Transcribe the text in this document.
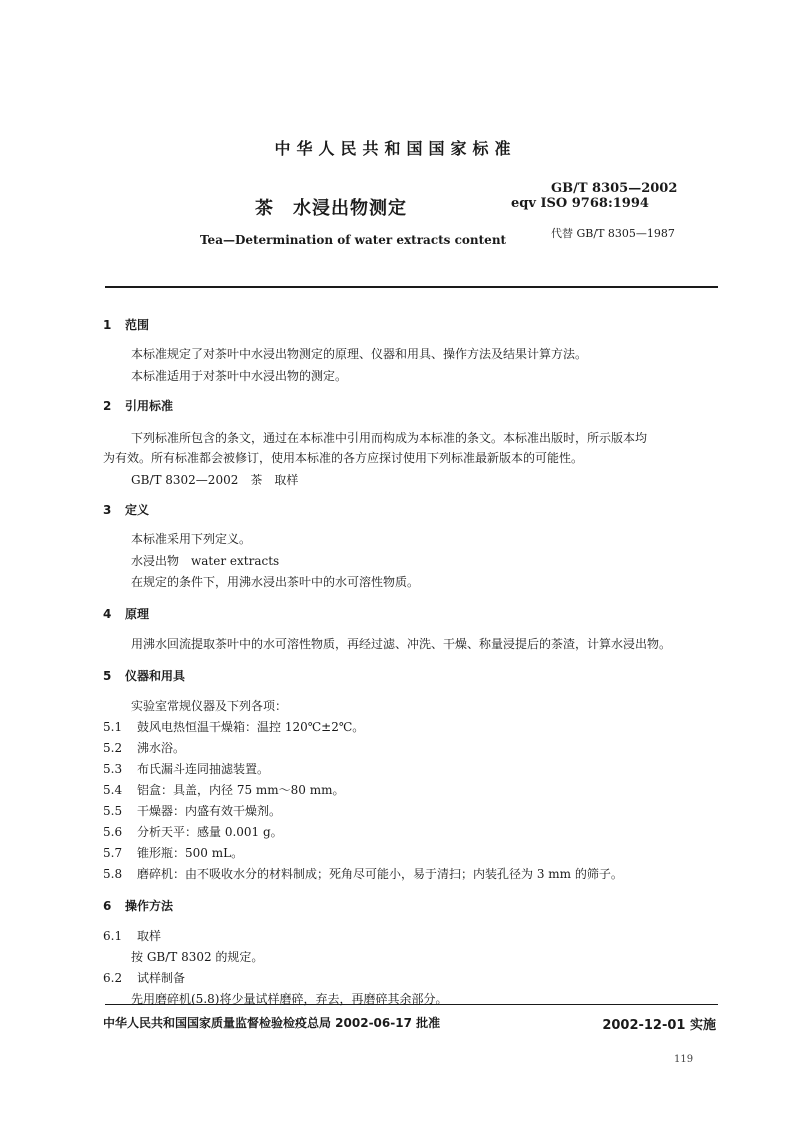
中华人民共和国国家标准
GB/T 8305—2002
茶　水浸出物测定	eqv ISO 9768:1994
代替 GB/T 8305—1987
Tea—Determination of water extracts content
1 范围
本标准规定了对茶叶中水浸出物测定的原理、仪器和用具、操作方法及结果计算方法。
本标准适用于对茶叶中水浸出物的测定。
2 引用标准
下列标准所包含的条文，通过在本标准中引用而构成为本标准的条文。本标准出版时，所示版本均
为有效。所有标准都会被修订，使用本标准的各方应探讨使用下列标准最新版本的可能性。
GB/T 8302—2002　茶　取样
3 定义
本标准采用下列定义。
水浸出物　water extracts
在规定的条件下，用沸水浸出茶叶中的水可溶性物质。
4 原理
用沸水回流提取茶叶中的水可溶性物质，再经过滤、冲洗、干燥、称量浸提后的茶渣，计算水浸出物。
5 仪器和用具
实验室常规仪器及下列各项：
5.1 鼓风电热恒温干燥箱：温控 120℃±2℃。
5.2 沸水浴。
5.3 布氏漏斗连同抽滤装置。
5.4 铝盒：具盖，内径 75 mm～80 mm。
5.5 干燥器：内盛有效干燥剂。
5.6 分析天平：感量 0.001 g。
5.7 锥形瓶：500 mL。
5.8 磨碎机：由不吸收水分的材料制成；死角尽可能小，易于清扫；内装孔径为 3 mm 的筛子。
6 操作方法
6.1 取样
按 GB/T 8302 的规定。
6.2 试样制备
先用磨碎机(5.8)将少量试样磨碎，弃去，再磨碎其余部分。
中华人民共和国国家质量监督检验检疫总局 2002-06-17 批准	2002-12-01 实施
119
